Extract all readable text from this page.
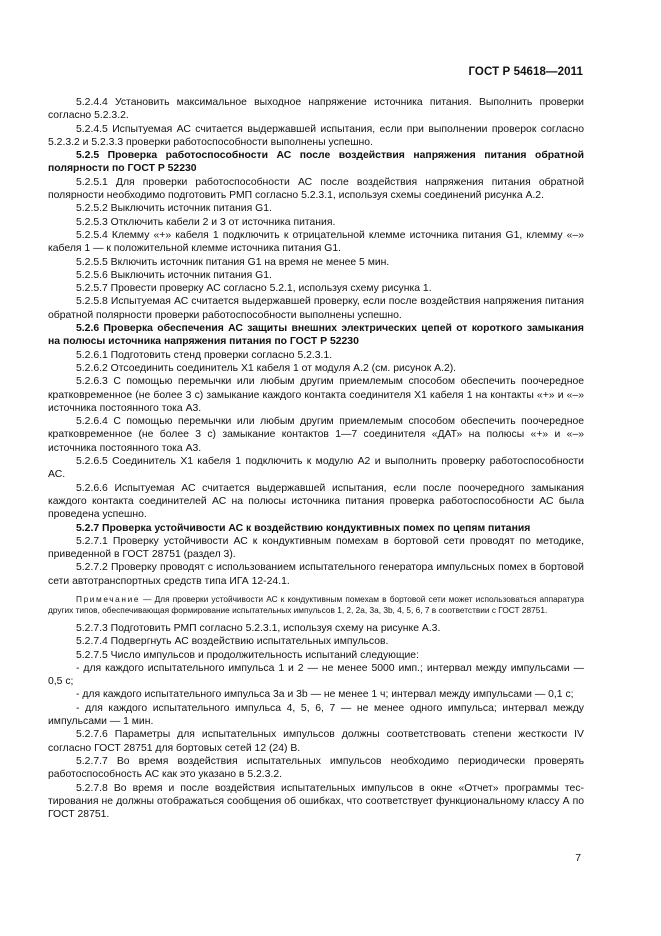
ГОСТ Р 54618—2011

5.2.4.4 Установить максимальное выходное напряжение источника питания. Выполнить проверки согласно 5.2.3.2.

5.2.4.5 Испытуемая АС считается выдержавшей испытания, если при выполнении проверок согласно 5.2.3.2 и 5.2.3.3 проверки работоспособности выполнены успешно.

5.2.5 Проверка работоспособности АС после воздействия напряжения питания обратной полярности по ГОСТ Р 52230

5.2.5.1 Для проверки работоспособности АС после воздействия напряжения питания обратной полярности необходимо подготовить РМП согласно 5.2.3.1, используя схемы соединений рисунка А.2.

5.2.5.2 Выключить источник питания G1.

5.2.5.3 Отключить кабели 2 и 3 от источника питания.

5.2.5.4 Клемму «+» кабеля 1 подключить к отрицательной клемме источника питания G1, клемму «–» кабеля 1 — к положительной клемме источника питания G1.

5.2.5.5 Включить источник питания G1 на время не менее 5 мин.

5.2.5.6 Выключить источник питания G1.

5.2.5.7 Провести проверку АС согласно 5.2.1, используя схему рисунка 1.

5.2.5.8 Испытуемая АС считается выдержавшей проверку, если после воздействия напряжения питания обратной полярности проверки работоспособности выполнены успешно.

5.2.6 Проверка обеспечения АС защиты внешних электрических цепей от короткого замыкания на полюсы источника напряжения питания по ГОСТ Р 52230

5.2.6.1 Подготовить стенд проверки согласно 5.2.3.1.

5.2.6.2 Отсоединить соединитель Х1 кабеля 1 от модуля А.2 (см. рисунок А.2).

5.2.6.3 С помощью перемычки или любым другим приемлемым способом обеспечить поочередное кратковременное (не более 3 с) замыкание каждого контакта соединителя Х1 кабеля 1 на контакты «+» и «–» источника постоянного тока А3.

5.2.6.4 С помощью перемычки или любым другим приемлемым способом обеспечить поочередное кратковременное (не более 3 с) замыкание контактов 1—7 соединителя «ДАТ» на полюсы «+» и «–» источника постоянного тока А3.

5.2.6.5 Соединитель Х1 кабеля 1 подключить к модулю А2 и выполнить проверку работоспособности АС.

5.2.6.6 Испытуемая АС считается выдержавшей испытания, если после поочередного замыкания каждого контакта соединителей АС на полюсы источника питания проверка работоспособности АС была проведена успешно.

5.2.7 Проверка устойчивости АС к воздействию кондуктивных помех по цепям питания

5.2.7.1 Проверку устойчивости АС к кондуктивным помехам в бортовой сети проводят по методике, приведенной в ГОСТ 28751 (раздел 3).

5.2.7.2 Проверку проводят с использованием испытательного генератора импульсных помех в бортовой сети автотранспортных средств типа ИГА 12-24.1.

Примечание — Для проверки устойчивости АС к кондуктивным помехам в бортовой сети может использоваться аппаратура других типов, обеспечивающая формирование испытательных импульсов 1, 2, 2а, 3а, 3b, 4, 5, 6, 7 в соответствии с ГОСТ 28751.

5.2.7.3 Подготовить РМП согласно 5.2.3.1, используя схему на рисунке А.3.

5.2.7.4 Подвергнуть АС воздействию испытательных импульсов.

5.2.7.5 Число импульсов и продолжительность испытаний следующие:

- для каждого испытательного импульса 1 и 2 — не менее 5000 имп.; интервал между импульсами — 0,5 с;

- для каждого испытательного импульса 3а и 3b — не менее 1 ч; интервал между импульсами — 0,1 с;

- для каждого испытательного импульса 4, 5, 6, 7 — не менее одного импульса; интервал между импульсами — 1 мин.

5.2.7.6 Параметры для испытательных импульсов должны соответствовать степени жесткости IV согласно ГОСТ 28751 для бортовых сетей 12 (24) В.

5.2.7.7 Во время воздействия испытательных импульсов необходимо периодически проверять работоспособность АС как это указано в 5.2.3.2.

5.2.7.8 Во время и после воздействия испытательных импульсов в окне «Отчет» программы тестирования не должны отображаться сообщения об ошибках, что соответствует функциональному классу А по ГОСТ 28751.

7
